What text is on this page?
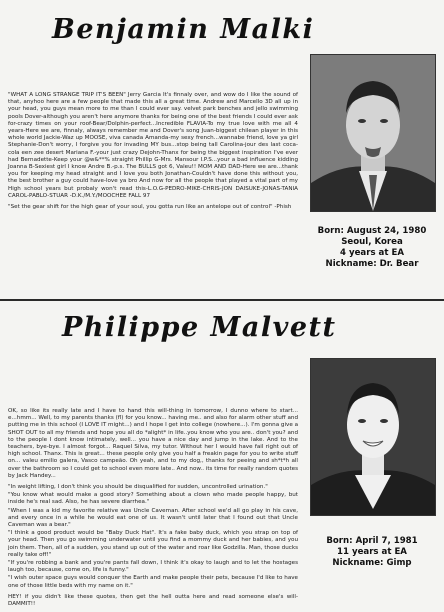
Benjamin Malki

"WHAT A LONG STRANGE TRIP IT'S BEEN" Jerry Garcia It's finnaly over, and wow do I like the sound of that, anyhoo here are a few people that made this all a great time. Andrew and Marcello 3D all up in your head, you guys mean more to me than I could ever say. velvet park benches and jello swimming pools Dover-although you aren't here anymore thanks for being one of the best friends I could ever ask for-crazy times on your roof-Bear/Dolphin-perfect...Incredible FLAVIA-To my true love with me all 4 years-Here we are, finnaly, always remember me and Dover's song Juan-biggest chilean player in this whole world Jackie-Waz up MOOSE, viva canada Amanda-my sexy french...wannabe friend, love ya girl Stephanie-Don't worry, I forgive you for invading MY bus...stop being tall Carolina-jour des last coca-cola een zee desert Mariana F.-your just crazy Dejohn-Thanx for being the biggest inspiration I've ever had Bernadette-Keep your @w&**% straight Phillip G-Mrs. Mansour I.P.S...your a bad influence kidding Joanna B-Sexiest girl I know Andre B.-p.s. The BULLS got 6, Valeu!! MOM AND DAD-Here we are...thank you for keeping my head straight and I love you both Jonathan-Couldn't have done this without you, the best brother a guy could have-love ya bro And now for all the people that played a vital part of my High school years but probaly won't read this-L.O.G-PEDRO-MIKE-CHRIS-JON DAISUKE-JONAS-TANIA CAROL-PABLO-STUAR -D.K./M.Y./MOOCHEE FALL 97

"Set the gear shift for the high gear of your soul, you gotta run like an antelope out of control" -Phish

Born: August 24, 1980
Seoul, Korea
4 years at EA
Nickname: Dr. Bear
Philippe Malvett

OK, so like its really late and I have to hand this will-thing in tomorrow, I dunno where to start... e...hmm... Well, to my parents thanks (fl) for you know... having me.. and also for alarm other stuff and putting me in this school (I LOVE IT might...) and I hope I get into college (nowhere...). I'm gonna give a SHOT OUT to all my friends and hope you all do *alight* in life..you know who you are.. don't you? and to the people I dont know intimately, well... you have a nice day and jump in the lake. And to the teachers, bye-bye. I almost forgot... Raquel Silva, my tutor. Without her I would have fail right out of high school. Thanx. This is great... these people only give you half a freakin page for you to write stuff on... valeu emilio galera, Vasco campeão. Oh yeah, and to my dog,, thanks for peeing and sh*t*h all over the bathroom so I could get to school even more late.. And now.. its time for really random quotes by Jack Handey...

"In weight lifting, I don't think you should be disqualified for sudden, uncontrolled urination."

"You know what would make a good story? Something about a clown who made people happy, but inside he's real sad. Also, he has severe diarrhea."

"When I was a kid my favorite relative was Uncle Caveman. After school we'd all go play in his cave, and every once in a while he would eat one of us. It wasn't until later that I found out that Uncle Caveman was a bear."

"I think a good product would be "Baby Duck Hat". It's a fake baby duck, which you strap on top of your head. Then you go swimming underwater until you find a mommy duck and her babies, and you join them. Then, all of a sudden, you stand up out of the water and roar like Godzilla. Man, those ducks really take off!"

"If you're robbing a bank and you're pants fall down, I think it's okay to laugh and to let the hostages laugh too, because, come on, life is funny."

"I wish outer space guys would conquer the Earth and make people their pets, because I'd like to have one of those little beds with my name on it."

HEY! if you didn't like these quotes, then get the hell outta here and read someone else's will- DAMMIT!!

Born: April 7, 1981
11 years at EA
Nickname: Gimp
